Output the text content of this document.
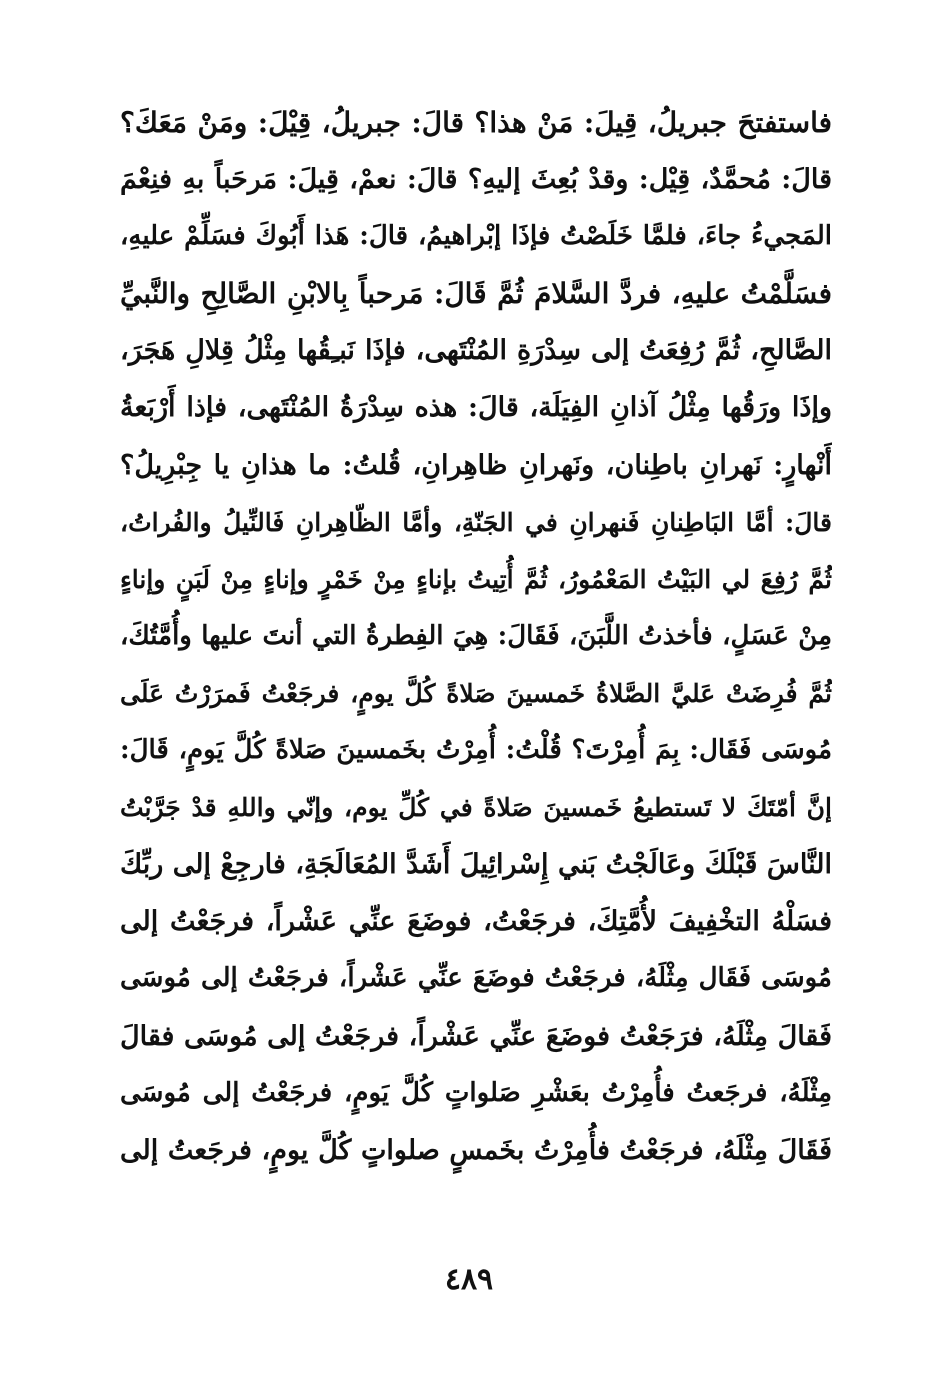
فاستفتحَ جبريلُ، قِيلَ: مَنْ هذا؟ قالَ: جبريلُ، قِيْلَ: ومَنْ مَعَكَ؟
قالَ: مُحمَّدٌ، قِيْل: وقدْ بُعِثَ إليهِ؟ قالَ: نعمْ، قِيلَ: مَرحَباً بهِ فنِعْمَ
المَجيءُ جاءَ، فلمَّا خَلَصْتُ فإذَا إبْراهيمُ، قالَ: هَذا أَبُوكَ فسَلِّمْ عليهِ،
فسَلَّمْتُ عليهِ، فردَّ السَّلامَ ثُمَّ قَالَ: مَرحباً بِالابْنِ الصَّالِحِ والنَّبيِّ
الصَّالحِ، ثُمَّ رُفِعَتُ إلى سِدْرَةِ المُنْتَهى، فإذَا نَبـِقُها مِثْلُ قِلالِ هَجَرَ،
وإذَا ورَقُها مِثْلُ آذانِ الفِيَلَة، قالَ: هذه سِدْرَةُ المُنْتَهى، فإذا أَرْبَعةُ
أَنْهارٍ: نَهرانِ باطِنان، ونَهرانِ ظاهِرانِ، قُلتُ: ما هذانِ يا جِبْرِيلُ؟
قالَ: أمَّا البَاطِنانِ فَنهرانِ في الجَنّةِ، وأمَّا الظّاهِرانِ فَالنِّيلُ والفُراتُ،
ثُمَّ رُفِعَ لي البَيْتُ المَعْمُورُ، ثُمَّ أُتِيتُ بإناءٍ مِنْ خَمْرٍ وإناءٍ مِنْ لَبَنٍ وإناءٍ
مِنْ عَسَلٍ، فأخذتُ اللَّبَنَ، فَقَالَ: هِيَ الفِطرةُ التي أنتَ عليها وأُمَّتُكَ،
ثُمَّ فُرِضَتْ عَليَّ الصَّلاةُ خَمسينَ صَلاةً كُلَّ يومٍ، فرجَعْتُ فَمرَرْتُ عَلَى
مُوسَى فَقَال: بِمَ أُمِرْتَ؟ قُلْتُ: أُمِرْتُ بخَمسينَ صَلاةً كُلَّ يَومٍ، قَالَ:
إنَّ أمّتَكَ لا تَستطيعُ خَمسينَ صَلاةً في كُلِّ يوم، وإنّي واللهِ قدْ جَرَّبْتُ
النَّاسَ قَبْلَكَ وعَالَجْتُ بَني إِسْرائِيلَ أَشَدَّ المُعَالَجَةِ، فارجِعْ إلى ربِّكَ
فسَلْهُ التخْفِيفَ لأُمَّتِكَ، فرجَعْتُ، فوضَعَ عنِّي عَشْراً، فرجَعْتُ إلى
مُوسَى فَقَال مِثْلَهُ، فرجَعْتُ فوضَعَ عنِّي عَشْراً، فرجَعْتُ إلى مُوسَى
فَقالَ مِثْلَهُ، فرَجَعْتُ فوضَعَ عنِّي عَشْراً، فرجَعْتُ إلى مُوسَى فقالَ
مِثْلَهُ، فرجَعتُ فأُمِرْتُ بعَشْرِ صَلواتٍ كُلَّ يَومٍ، فرجَعْتُ إلى مُوسَى
فَقَالَ مِثْلَهُ، فرجَعْتُ فأُمِرْتُ بخَمسٍ صلواتٍ كُلَّ يومٍ، فرجَعتُ إلى
٤٨٩
